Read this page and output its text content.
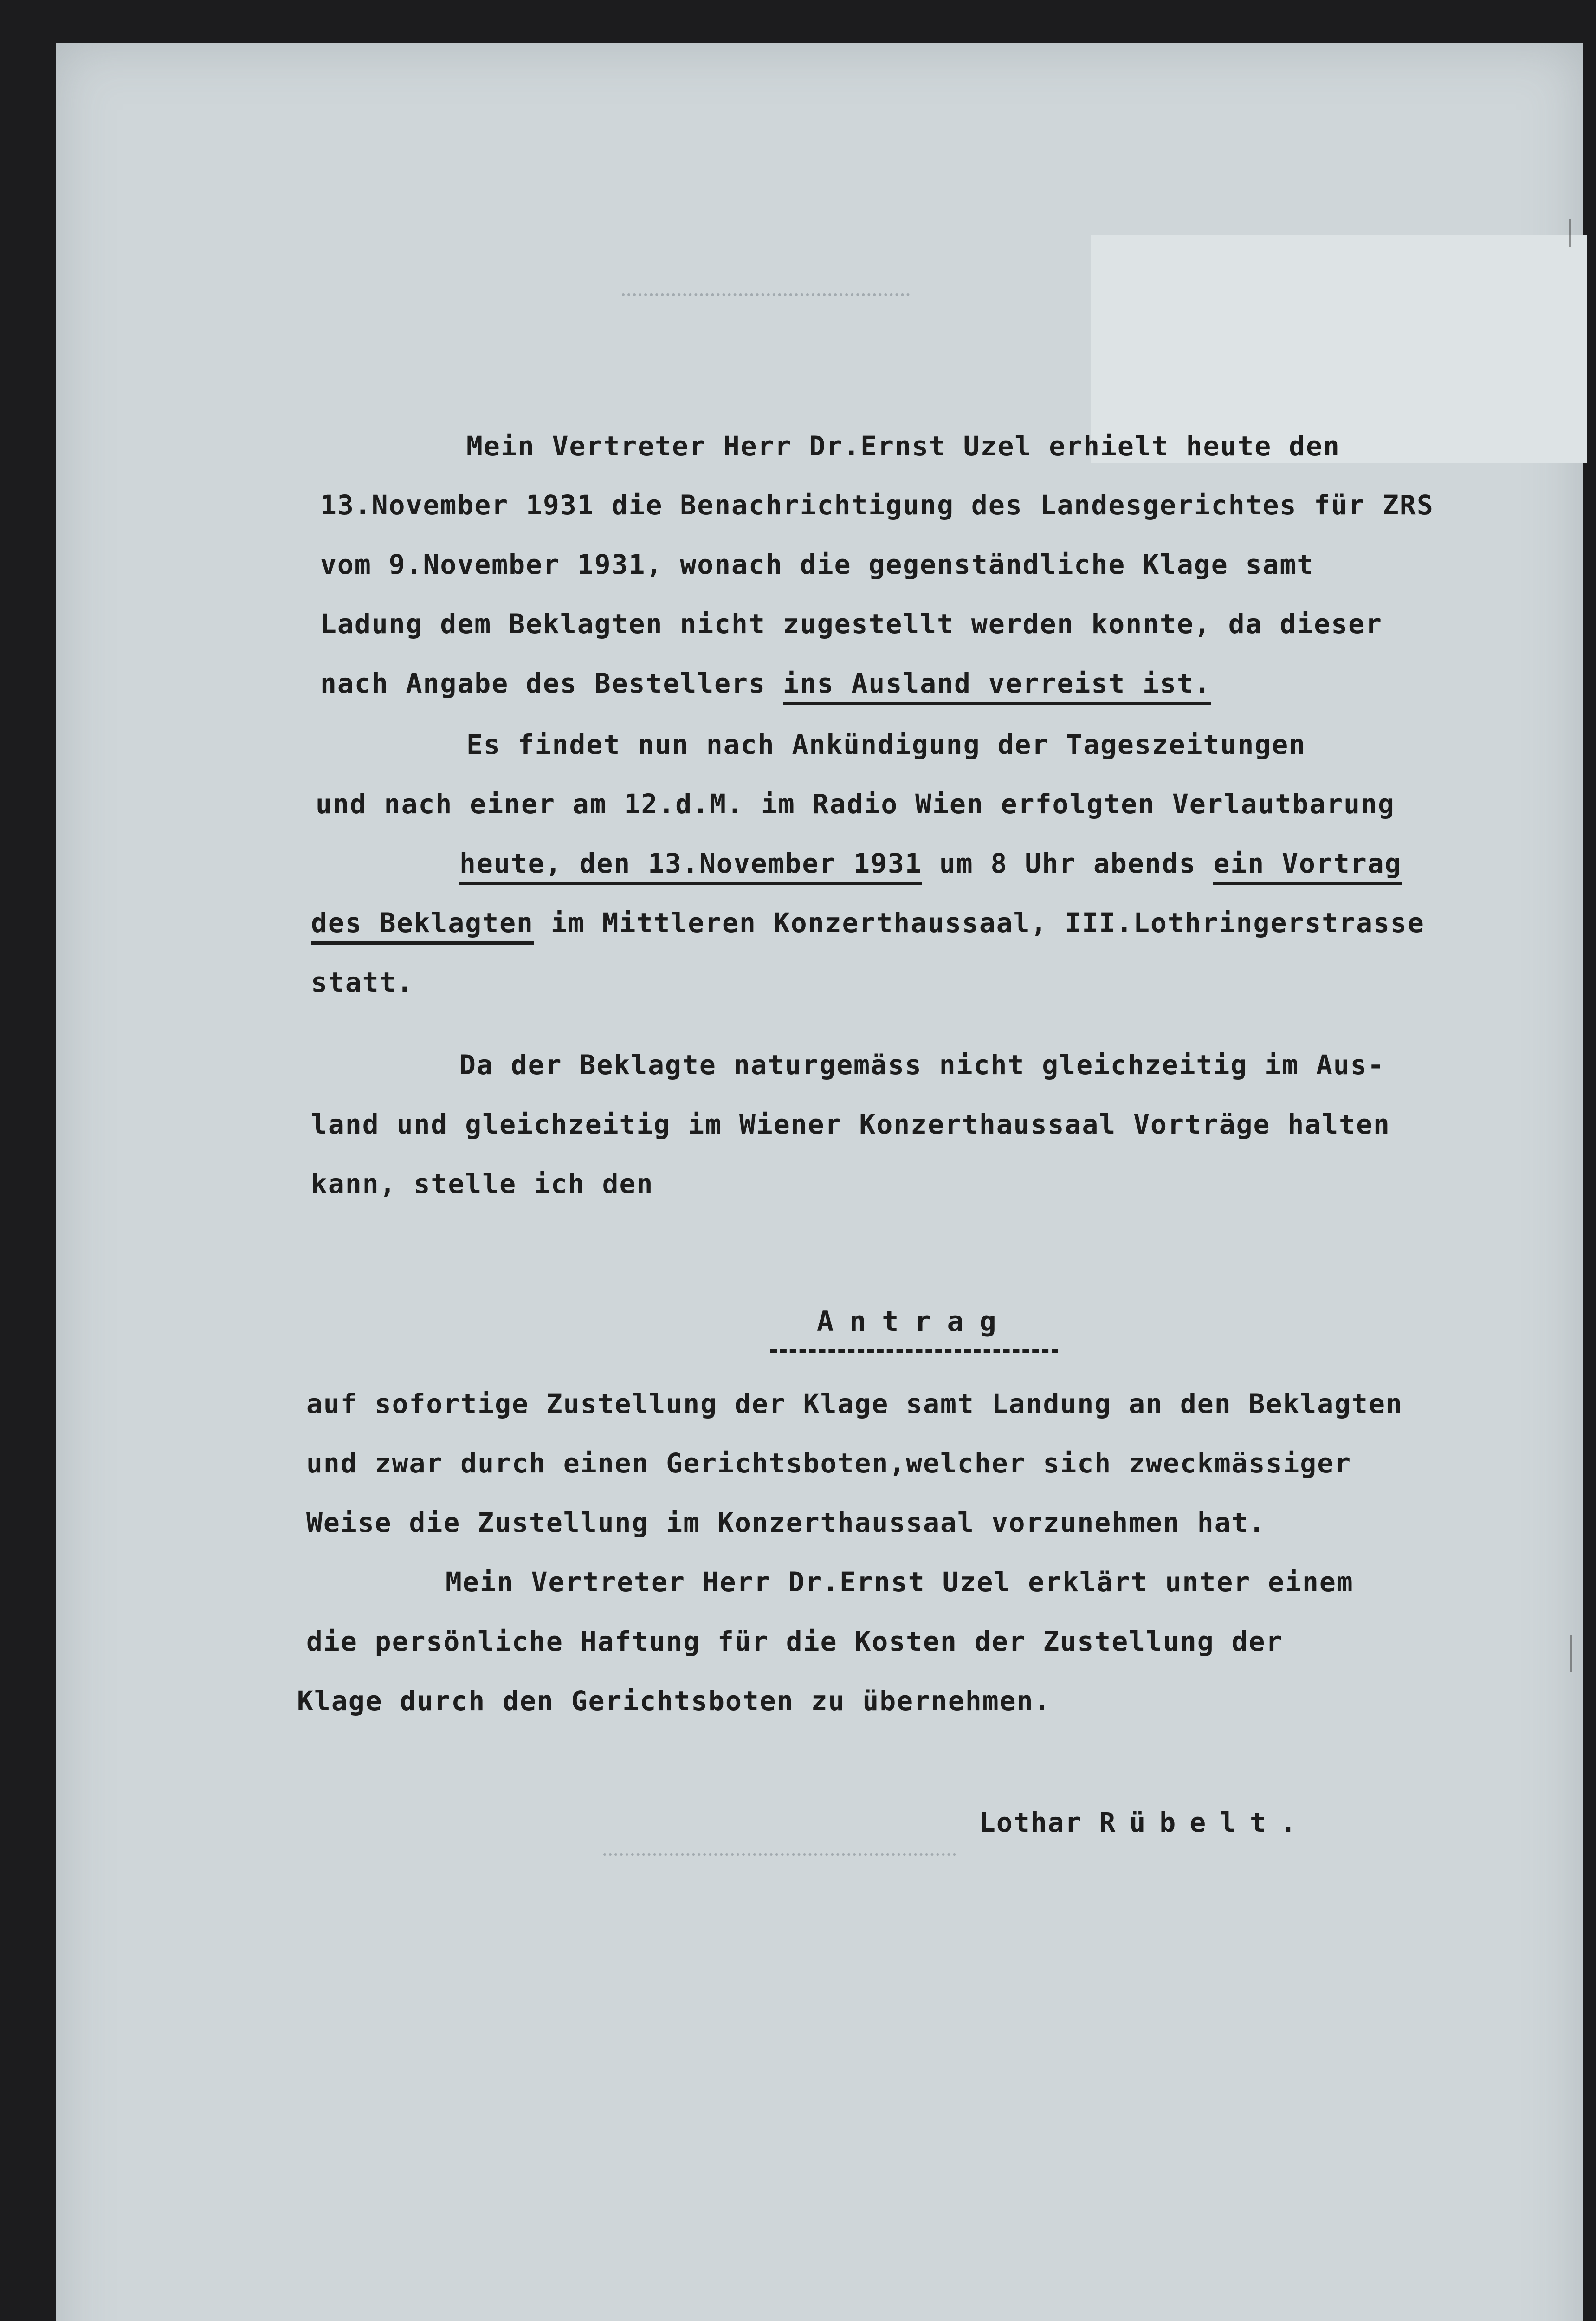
Mein Vertreter Herr Dr.Ernst Uzel erhielt heute den
13.November 1931 die Benachrichtigung des Landesgerichtes für ZRS
vom 9.November 1931, wonach die gegenständliche Klage samt
Ladung dem Beklagten nicht zugestellt werden konnte, da dieser
nach Angabe des Bestellers ins Ausland verreist ist.
Es findet nun nach Ankündigung der Tageszeitungen
und nach einer am 12.d.M. im Radio Wien erfolgten Verlautbarung
heute, den 13.November 1931 um 8 Uhr abends ein Vortrag
des Beklagten im Mittleren Konzerthaussaal, III.Lothringerstrasse
statt.
Da der Beklagte naturgemäss nicht gleichzeitig im Aus-
land und gleichzeitig im Wiener Konzerthaussaal Vorträge halten
kann, stelle ich den
Antrag
auf sofortige Zustellung der Klage samt Landung an den Beklagten
und zwar durch einen Gerichtsboten,welcher sich zweckmässiger
Weise die Zustellung im Konzerthaussaal vorzunehmen hat.
Mein Vertreter Herr Dr.Ernst Uzel erklärt unter einem
die persönliche Haftung für die Kosten der Zustellung der
Klage durch den Gerichtsboten zu übernehmen.
Lothar Rübelt.
